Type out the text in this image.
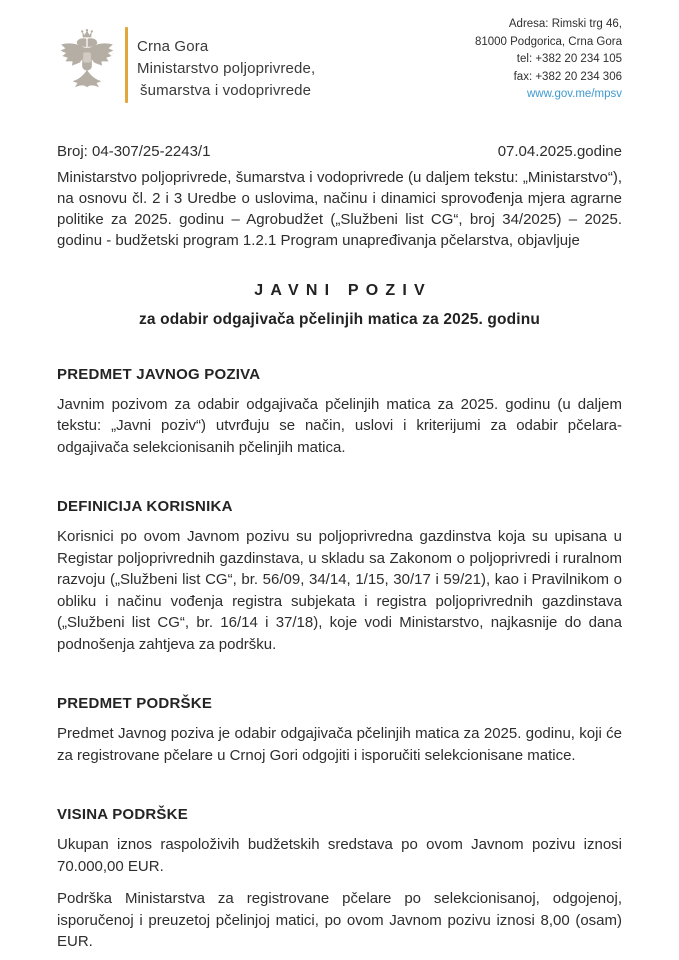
Crna Gora
Ministarstvo poljoprivrede,
šumarstva i vodoprivrede
Adresa: Rimski trg 46,
81000 Podgorica, Crna Gora
tel: +382 20 234 105
fax: +382 20 234 306
www.gov.me/mpsv
Broj: 04-307/25-2243/1	07.04.2025.godine

Ministarstvo poljoprivrede, šumarstva i vodoprivrede (u daljem tekstu: „Ministarstvo“), na osnovu čl. 2 i 3 Uredbe o uslovima, načinu i dinamici sprovođenja mjera agrarne politike za 2025. godinu – Agrobudžet („Službeni list CG“, broj 34/2025) – 2025. godinu - budžetski program 1.2.1 Program unapređivanja pčelarstva, objavljuje

JAVNI POZIV
za odabir odgajivača pčelinjih matica za 2025. godinu
PREDMET JAVNOG POZIVA

Javnim pozivom za odabir odgajivača pčelinjih matica za 2025. godinu (u daljem tekstu: „Javni poziv“) utvrđuju se način, uslovi i kriterijumi za odabir pčelara-odgajivača selekcionisanih pčelinjih matica.

DEFINICIJA KORISNIKA

Korisnici po ovom Javnom pozivu su poljoprivredna gazdinstva koja su upisana u Registar poljoprivrednih gazdinstava, u skladu sa Zakonom o poljoprivredi i ruralnom razvoju („Službeni list CG“, br. 56/09, 34/14, 1/15, 30/17 i 59/21), kao i Pravilnikom o obliku i načinu vođenja registra subjekata i registra poljoprivrednih gazdinstava („Službeni list CG“, br. 16/14 i 37/18), koje vodi Ministarstvo, najkasnije do dana podnošenja zahtjeva za podršku.

PREDMET PODRŠKE

Predmet Javnog poziva je odabir odgajivača pčelinjih matica za 2025. godinu, koji će za registrovane pčelare u Crnoj Gori odgojiti i isporučiti selekcionisane matice.

VISINA PODRŠKE

Ukupan iznos raspoloživih budžetskih sredstava po ovom Javnom pozivu iznosi 70.000,00 EUR.

Podrška Ministarstva za registrovane pčelare po selekcionisanoj, odgojenoj, isporučenoj i preuzetoj pčelinjoj matici, po ovom Javnom pozivu iznosi 8,00 (osam) EUR.
